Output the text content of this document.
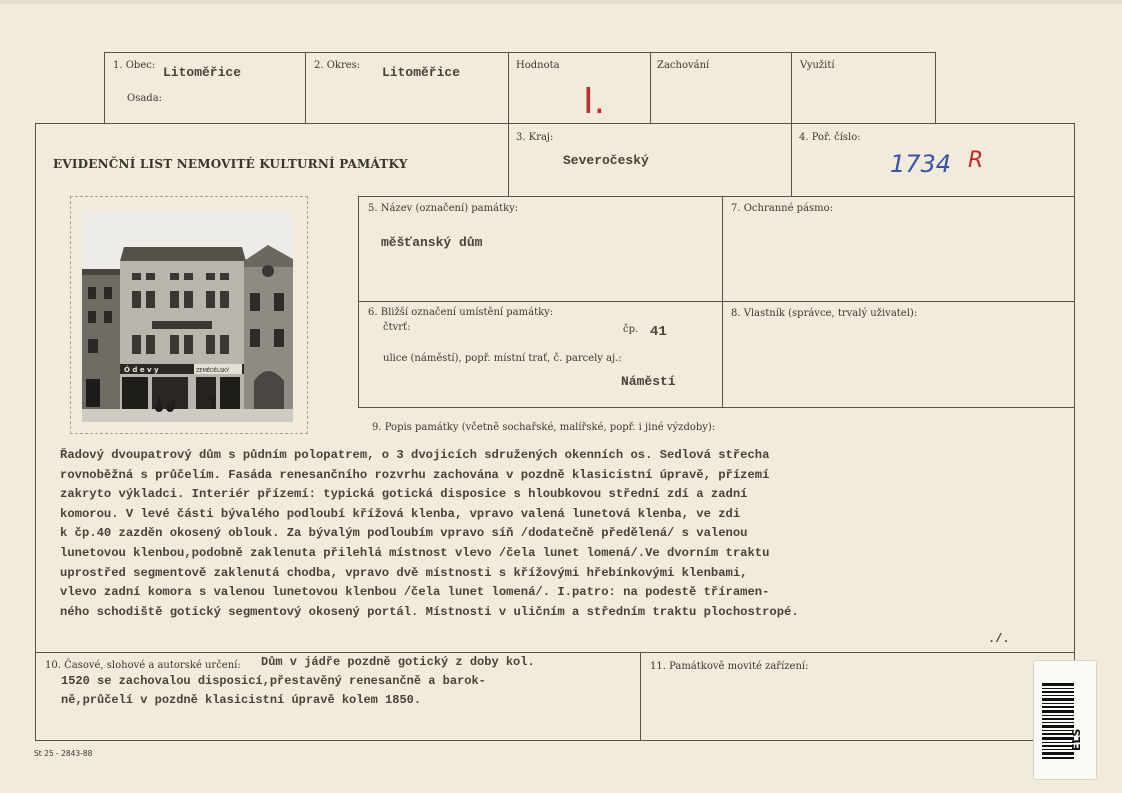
1. Obec: Litoměřice
Osada:
2. Okres: Litoměřice	Hodnota
I.
Zachování	Využití
EVIDENČNÍ LIST NEMOVITÉ KULTURNÍ PAMÁTKY
3. Kraj:
Severočeský
4. Poř. číslo:
1734 R
Ó d e v y	ZEMĚDĚLSKÝ
5. Název (označení) památky:
měšťanský dům
7. Ochranné pásmo:
6. Bližší označení umístění památky:
čtvrť:	čp. 41
ulice (náměstí), popř. místní trať, č. parcely aj.:
Náměstí
8. Vlastník (správce, trvalý uživatel):
9. Popis památky (včetně sochařské, malířské, popř. i jiné výzdoby):
Řadový dvoupatrový dům s půdním polopatrem, o 3 dvojicích sdružených okenních os. Sedlová střecha
rovnoběžná s průčelím. Fasáda renesančního rozvrhu zachována v pozdně klasicistní úpravě, přízemí
zakryto výkladci. Interiér přízemí: typická gotická disposice s hloubkovou střední zdí a zadní
komorou. V levé části bývalého podloubí křížová klenba, vpravo valená lunetová klenba, ve zdi
k čp.40 zazděn okosený oblouk. Za bývalým podloubím vpravo síň /dodatečně předělená/ s valenou
lunetovou klenbou,podobně zaklenuta přilehlá místnost vlevo /čela lunet lomená/.Ve dvorním traktu
uprostřed segmentově zaklenutá chodba, vpravo dvě místnosti s křížovými hřebínkovými klenbami,
vlevo zadní komora s valenou lunetovou klenbou /čela lunet lomená/. I.patro: na podestě tříramen-
ného schodiště gotický segmentový okosený portál. Místnosti v uličním a středním traktu plochostropé.
./.
10. Časové, slohové a autorské určení: Dům v jádře pozdně gotický z doby kol.
1520 se zachovalou disposicí,přestavěný renesančně a barok-
ně,průčelí v pozdně klasicistní úpravě kolem 1850.
11. Památkově movité zařízení:
St 25 - 2843-88
ELS
